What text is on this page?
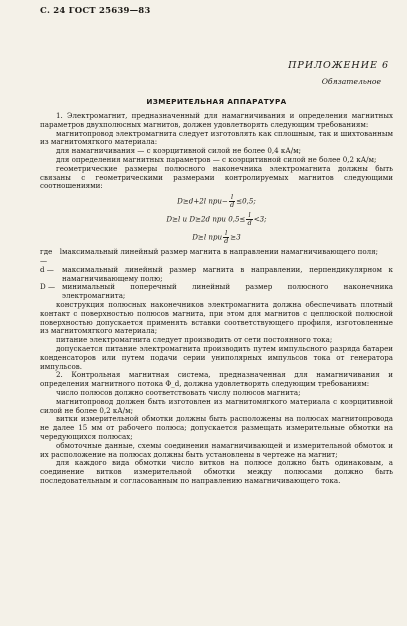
С. 24 ГОСТ 25639—83
ПРИЛОЖЕНИЕ 6
Обязательное
ИЗМЕРИТЕЛЬНАЯ АППАРАТУРА

1. Электромагнит, предназначенный для намагничивания и определения магнитных параметров двухполюсных магнитов, должен удовлетворять следующим требованиям:

магнитопровод электромагнита следует изготовлять как сплошным, так и шихтованным из магнитомягкого материала:

для намагничивания — с коэрцитивной силой не более 0,4 кА/м;

для определения магнитных параметров — с коэрцитивной силой не более 0,2 кА/м;

геометрические размеры полюсного наконечника электромагнита должны быть связаны с геометрическими размерами контролируемых магнитов следующими соотношениями:

D≥d+2l $при- \frac{l}{d} \le 0,5$;
D≥l и D≥2d при $0,5\le \frac{l}{d} <3$;
D≥l при $\frac{l}{d} \ge 3$
где l —
максимальный линейный размер магнита в направлении намагничивающего поля;
d —	максимальный линейный размер магнита в направлении, перпендикулярном к намагничивающему полю;
D — минимальный поперечный линейный размер полюсного наконечника электромагнита;

конструкция полюсных наконечников электромагнита должна обеспечивать плотный контакт с поверхностью полюсов магнита, при этом для магнитов с цеплюской полюсной поверхностью допускается применять вставки соответствующего профиля, изготовленные из магнитомягкого материала;

питание электромагнита следует производить от сети постоянного тока;

допускается питание электромагнита производить путем импульсного разряда батареи конденсаторов или путем подачи серии униполярных импульсов тока от генератора импульсов.

2. Контрольная магнитная система, предназначенная для намагничивания и определения магнитного потока Φ_d, должна удовлетворять следующим требованиям:

число полюсов должно соответствовать числу полюсов магнита;

магнитопровод должен быть изготовлен из магнитомягкого материала с коэрцитивной силой не более 0,2 кА/м;

витки измерительной обмотки должны быть расположены на полюсах магнитопровода не далее 15 мм от рабочего полюса; допускается размещать измерительные обмотки на чередующихся полюсах;

обмоточные данные, схемы соединения намагничивающей и измерительной обмоток и их расположение на полюсах должны быть установлены в чертеже на магнит;

для каждого вида обмотки число витков на полюсе должно быть одинаковым, а соединение витков измерительной обмотки между полюсами должно быть последовательным и согласованным по направлению намагничивающего тока.
